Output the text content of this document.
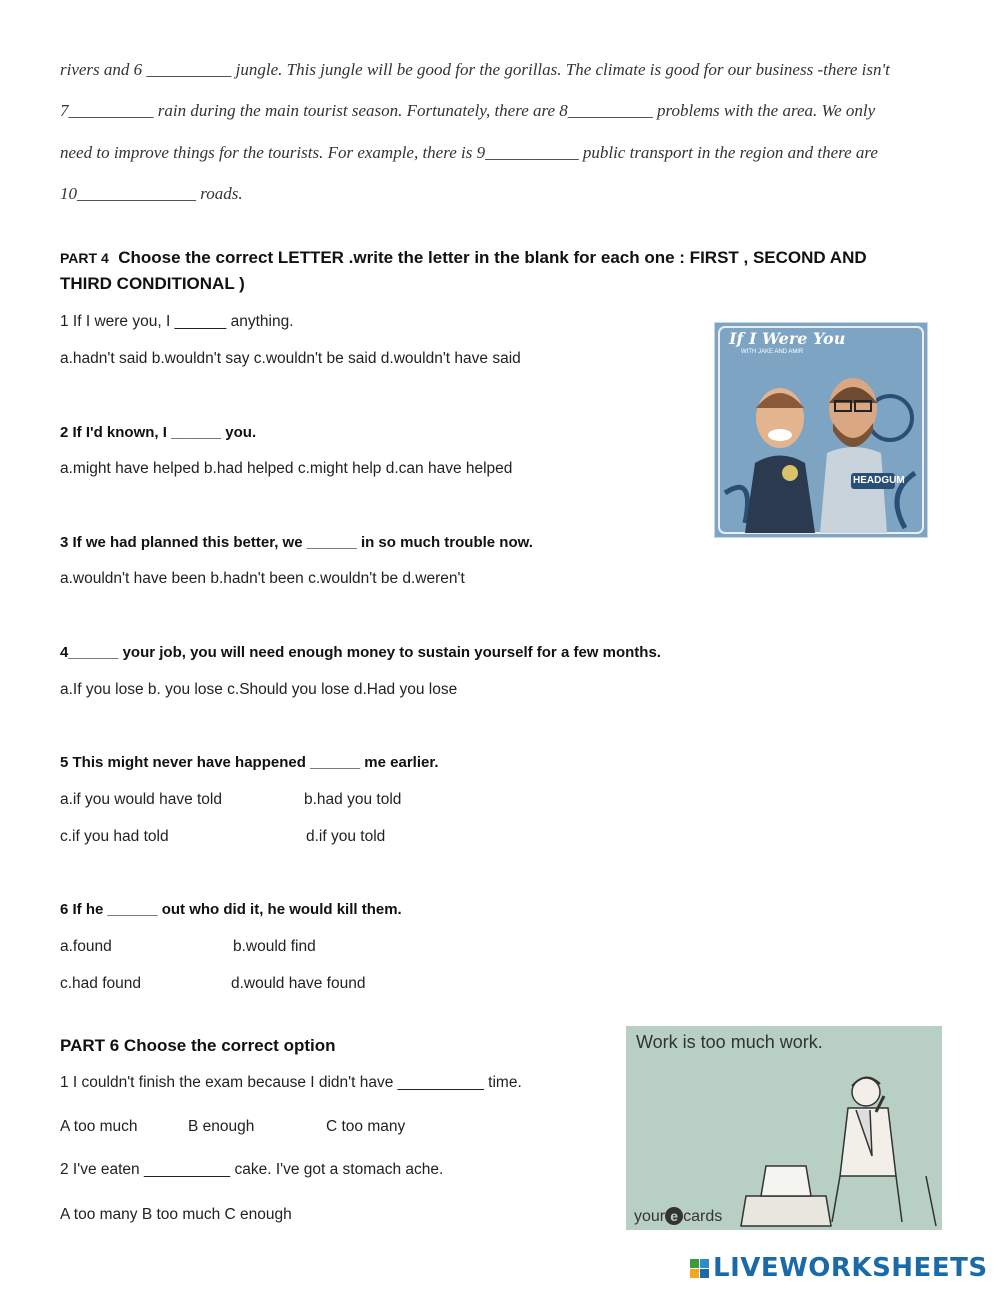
rivers and 6 __________ jungle. This jungle will be good for the gorillas. The climate is good for our business -there isn't
7__________ rain during the main tourist season. Fortunately, there are 8__________ problems with the area. We only
need to improve things for the tourists. For example, there is 9___________ public transport in the region and there are
10______________ roads.
PART 4 Choose the correct LETTER .write the letter in the blank for each one : FIRST , SECOND AND
THIRD CONDITIONAL )
1 If I were you, I ______ anything.
a.hadn't said b.wouldn't say c.wouldn't be said d.wouldn't have said
2 If I'd known, I ______ you.
a.might have helped b.had helped c.might help d.can have helped
3 If we had planned this better, we ______ in so much trouble now.
a.wouldn't have been b.hadn't been c.wouldn't be d.weren't
4______ your job, you will need enough money to sustain yourself for a few months.
a.If you lose b. you lose c.Should you lose d.Had you lose
5 This might never have happened ______ me earlier.
a.if you would have told	b.had you told
c.if you had told	d.if you told
6 If he ______ out who did it, he would kill them.
a.found	b.would find
c.had found	d.would have found
If I Were You
WITH JAKE AND AMIR
HEADGUM
PART 6 Choose the correct option
1 I couldn't finish the exam because I didn't have __________ time.
A too much	B enough	C too many
2 I've eaten __________ cake. I've got a stomach ache.
A too many B too much C enough
Work is too much work.
your e cards
LIVEWORKSHEETS
